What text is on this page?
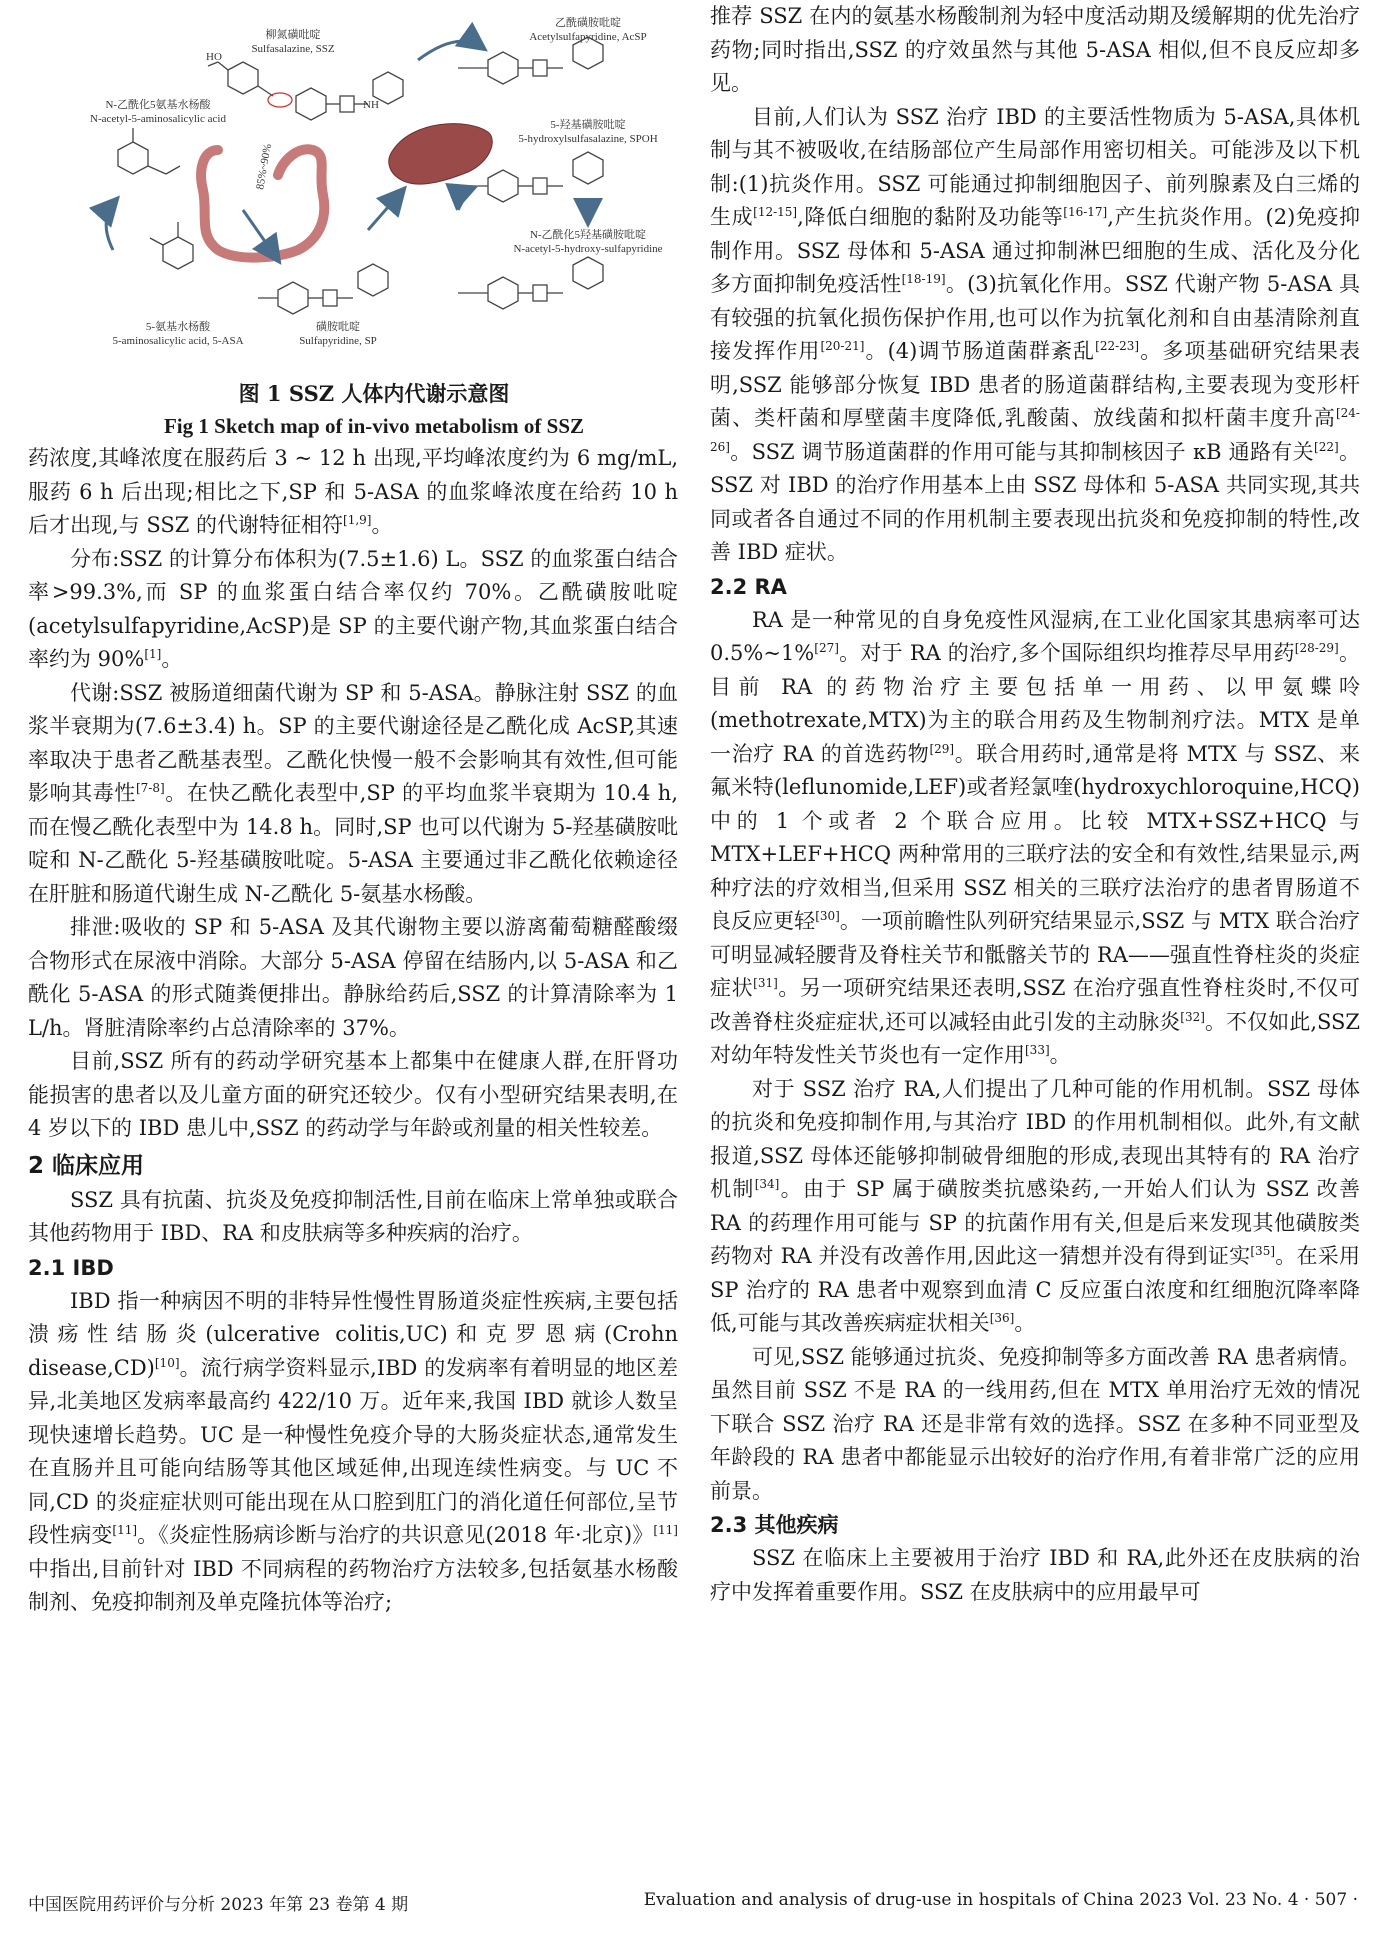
柳氮磺吡啶
Sulfasalazine, SSZ
HO
NH
乙酰磺胺吡啶
Acetylsulfapyridine, AcSP
N-乙酰化5氨基水杨酸
N-acetyl-5-aminosalicylic acid	5-羟基磺胺吡啶
5-hydroxylsulfasalazine, SPOH
85%~90%
N-乙酰化5羟基磺胺吡啶
N-acetyl-5-hydroxy-sulfapyridine
5-氨基水杨酸
5-aminosalicylic acid, 5-ASA
磺胺吡啶
Sulfapyridine, SP

图 1 SSZ 人体内代谢示意图

Fig 1 Sketch map of in-vivo metabolism of SSZ

药浓度,其峰浓度在服药后 3 ~ 12 h 出现,平均峰浓度约为 6 mg/mL,服药 6 h 后出现;相比之下,SP 和 5-ASA 的血浆峰浓度在给药 10 h 后才出现,与 SSZ 的代谢特征相符[1,9]。

分布:SSZ 的计算分布体积为(7.5±1.6) L。SSZ 的血浆蛋白结合率>99.3%,而 SP 的血浆蛋白结合率仅约 70%。乙酰磺胺吡啶(acetylsulfapyridine,AcSP)是 SP 的主要代谢产物,其血浆蛋白结合率约为 90%[1]。

代谢:SSZ 被肠道细菌代谢为 SP 和 5-ASA。静脉注射 SSZ 的血浆半衰期为(7.6±3.4) h。SP 的主要代谢途径是乙酰化成 AcSP,其速率取决于患者乙酰基表型。乙酰化快慢一般不会影响其有效性,但可能影响其毒性[7-8]。在快乙酰化表型中,SP 的平均血浆半衰期为 10.4 h,而在慢乙酰化表型中为 14.8 h。同时,SP 也可以代谢为 5-羟基磺胺吡啶和 N-乙酰化 5-羟基磺胺吡啶。5-ASA 主要通过非乙酰化依赖途径在肝脏和肠道代谢生成 N-乙酰化 5-氨基水杨酸。

排泄:吸收的 SP 和 5-ASA 及其代谢物主要以游离葡萄糖醛酸缀合物形式在尿液中消除。大部分 5-ASA 停留在结肠内,以 5-ASA 和乙酰化 5-ASA 的形式随粪便排出。静脉给药后,SSZ 的计算清除率为 1 L/h。肾脏清除率约占总清除率的 37%。

目前,SSZ 所有的药动学研究基本上都集中在健康人群,在肝肾功能损害的患者以及儿童方面的研究还较少。仅有小型研究结果表明,在 4 岁以下的 IBD 患儿中,SSZ 的药动学与年龄或剂量的相关性较差。

2 临床应用

SSZ 具有抗菌、抗炎及免疫抑制活性,目前在临床上常单独或联合其他药物用于 IBD、RA 和皮肤病等多种疾病的治疗。

2.1 IBD

IBD 指一种病因不明的非特异性慢性胃肠道炎症性疾病,主要包括溃疡性结肠炎(ulcerative colitis,UC)和克罗恩病(Crohn disease,CD)[10]。流行病学资料显示,IBD 的发病率有着明显的地区差异,北美地区发病率最高约 422/10 万。近年来,我国 IBD 就诊人数呈现快速增长趋势。UC 是一种慢性免疫介导的大肠炎症状态,通常发生在直肠并且可能向结肠等其他区域延伸,出现连续性病变。与 UC 不同,CD 的炎症症状则可能出现在从口腔到肛门的消化道任何部位,呈节段性病变[11]。《炎症性肠病诊断与治疗的共识意见(2018 年·北京)》[11]中指出,目前针对 IBD 不同病程的药物治疗方法较多,包括氨基水杨酸制剂、免疫抑制剂及单克隆抗体等治疗;

推荐 SSZ 在内的氨基水杨酸制剂为轻中度活动期及缓解期的优先治疗药物;同时指出,SSZ 的疗效虽然与其他 5-ASA 相似,但不良反应却多见。

目前,人们认为 SSZ 治疗 IBD 的主要活性物质为 5-ASA,具体机制与其不被吸收,在结肠部位产生局部作用密切相关。可能涉及以下机制:(1)抗炎作用。SSZ 可能通过抑制细胞因子、前列腺素及白三烯的生成[12-15],降低白细胞的黏附及功能等[16-17],产生抗炎作用。(2)免疫抑制作用。SSZ 母体和 5-ASA 通过抑制淋巴细胞的生成、活化及分化多方面抑制免疫活性[18-19]。(3)抗氧化作用。SSZ 代谢产物 5-ASA 具有较强的抗氧化损伤保护作用,也可以作为抗氧化剂和自由基清除剂直接发挥作用[20-21]。(4)调节肠道菌群紊乱[22-23]。多项基础研究结果表明,SSZ 能够部分恢复 IBD 患者的肠道菌群结构,主要表现为变形杆菌、类杆菌和厚壁菌丰度降低,乳酸菌、放线菌和拟杆菌丰度升高[24-26]。SSZ 调节肠道菌群的作用可能与其抑制核因子 κB 通路有关[22]。SSZ 对 IBD 的治疗作用基本上由 SSZ 母体和 5-ASA 共同实现,其共同或者各自通过不同的作用机制主要表现出抗炎和免疫抑制的特性,改善 IBD 症状。

2.2 RA

RA 是一种常见的自身免疫性风湿病,在工业化国家其患病率可达 0.5%~1%[27]。对于 RA 的治疗,多个国际组织均推荐尽早用药[28-29]。目前 RA 的药物治疗主要包括单一用药、以甲氨蝶呤(methotrexate,MTX)为主的联合用药及生物制剂疗法。MTX 是单一治疗 RA 的首选药物[29]。联合用药时,通常是将 MTX 与 SSZ、来氟米特(leflunomide,LEF)或者羟氯喹(hydroxychloroquine,HCQ)中的 1 个或者 2 个联合应用。比较 MTX+SSZ+HCQ 与 MTX+LEF+HCQ 两种常用的三联疗法的安全和有效性,结果显示,两种疗法的疗效相当,但采用 SSZ 相关的三联疗法治疗的患者胃肠道不良反应更轻[30]。一项前瞻性队列研究结果显示,SSZ 与 MTX 联合治疗可明显减轻腰背及脊柱关节和骶髂关节的 RA——强直性脊柱炎的炎症症状[31]。另一项研究结果还表明,SSZ 在治疗强直性脊柱炎时,不仅可改善脊柱炎症症状,还可以减轻由此引发的主动脉炎[32]。不仅如此,SSZ 对幼年特发性关节炎也有一定作用[33]。

对于 SSZ 治疗 RA,人们提出了几种可能的作用机制。SSZ 母体的抗炎和免疫抑制作用,与其治疗 IBD 的作用机制相似。此外,有文献报道,SSZ 母体还能够抑制破骨细胞的形成,表现出其特有的 RA 治疗机制[34]。由于 SP 属于磺胺类抗感染药,一开始人们认为 SSZ 改善 RA 的药理作用可能与 SP 的抗菌作用有关,但是后来发现其他磺胺类药物对 RA 并没有改善作用,因此这一猜想并没有得到证实[35]。在采用 SP 治疗的 RA 患者中观察到血清 C 反应蛋白浓度和红细胞沉降率降低,可能与其改善疾病症状相关[36]。

可见,SSZ 能够通过抗炎、免疫抑制等多方面改善 RA 患者病情。虽然目前 SSZ 不是 RA 的一线用药,但在 MTX 单用治疗无效的情况下联合 SSZ 治疗 RA 还是非常有效的选择。SSZ 在多种不同亚型及年龄段的 RA 患者中都能显示出较好的治疗作用,有着非常广泛的应用前景。

2.3 其他疾病

SSZ 在临床上主要被用于治疗 IBD 和 RA,此外还在皮肤病的治疗中发挥着重要作用。SSZ 在皮肤病中的应用最早可

中国医院用药评价与分析 2023 年第 23 卷第 4 期	Evaluation and analysis of drug-use in hospitals of China 2023 Vol. 23 No. 4 · 507 ·
